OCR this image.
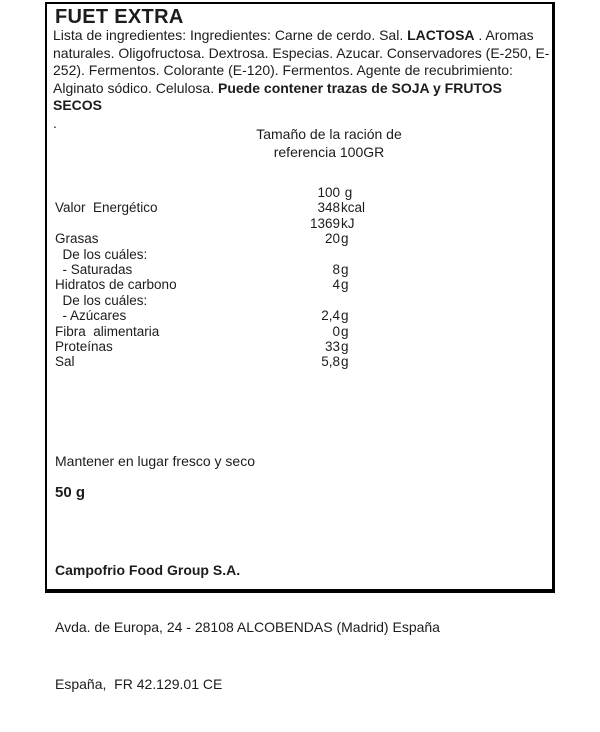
FUET EXTRA
Lista de ingredientes: Ingredientes: Carne de cerdo. Sal. LACTOSA . Aromas naturales. Oligofructosa. Dextrosa. Especias. Azucar. Conservadores (E-250, E-252). Fermentos. Colorante (E-120). Fermentos. Agente de recubrimiento: Alginato sódico. Celulosa. Puede contener trazas de SOJA y FRUTOS SECOS
.
Tamaño de la ración de
referencia 100GR
100 g
Valor  Energético	348 kcal
1369 kJ
Grasas	20 g
De los cuáles:
- Saturadas	8 g
Hidratos de carbono	4 g
De los cuáles:
- Azúcares	2,4 g
Fibra  alimentaria	0 g
Proteínas	33 g
Sal	5,8 g
Mantener en lugar fresco y seco
50 g

Campofrio Food Group S.A.

Avda. de Europa, 24 - 28108 ALCOBENDAS (Madrid) España

España,  FR 42.129.01 CE
